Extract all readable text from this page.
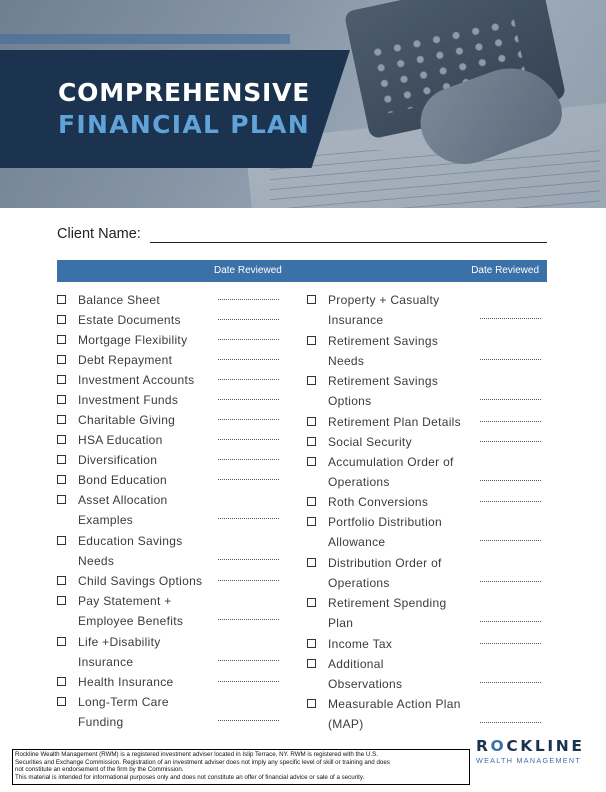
COMPREHENSIVE
FINANCIAL PLAN
Client Name:
Date Reviewed	Date Reviewed
Balance Sheet
Estate Documents
Mortgage Flexibility
Debt Repayment
Investment Accounts
Investment Funds
Charitable Giving
HSA Education
Diversification
Bond Education
Asset Allocation
Examples
Education Savings
Needs
Child Savings Options
Pay Statement +
Employee Benefits
Life +Disability
Insurance
Health Insurance
Long-Term Care
Funding
Property + Casualty
Insurance
Retirement Savings
Needs
Retirement Savings
Options
Retirement Plan Details
Social Security
Accumulation Order of
Operations
Roth Conversions
Portfolio Distribution
Allowance
Distribution Order of
Operations
Retirement Spending
Plan
Income Tax
Additional
Observations
Measurable Action Plan
(MAP)
Rockline Wealth Management (RWM) is a registered investment adviser located in Islip Terrace, NY. RWM is registered with the U.S.
Securities and Exchange Commission. Registration of an investment adviser does not imply any specific level of skill or training and does
not constitute an endorsement of the firm by the Commission.
This material is intended for informational purposes only and does not constitute an offer of financial advice or sale of a security.
ROCKLINE
WEALTH MANAGEMENT
